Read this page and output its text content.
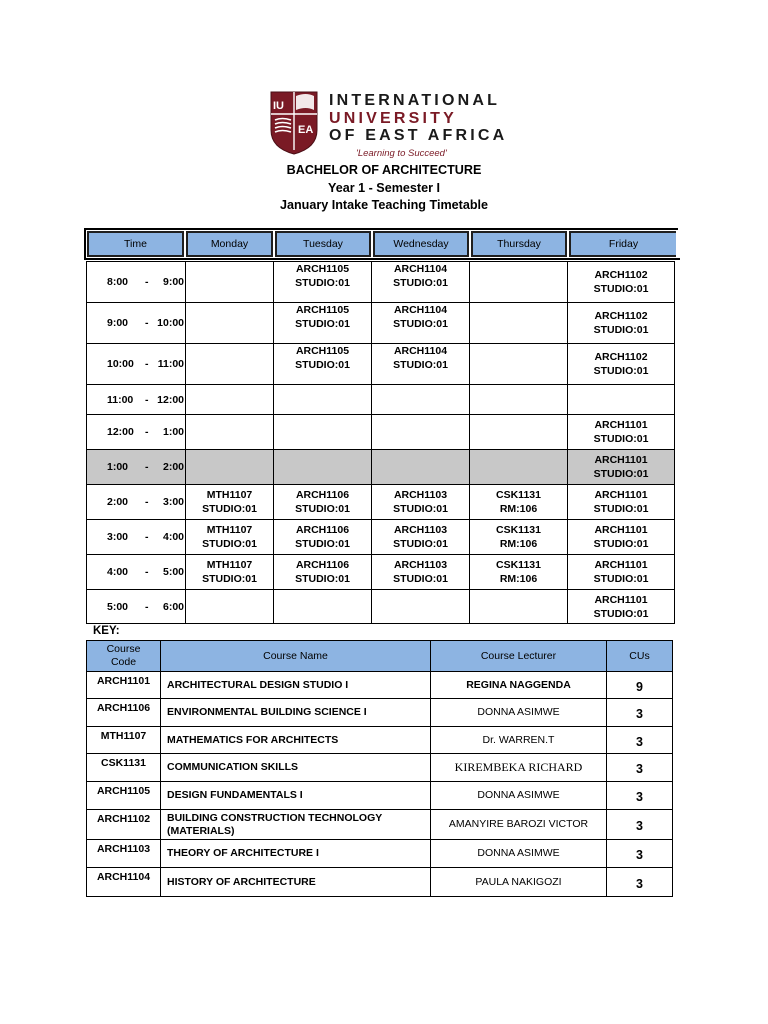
IU
EA
INTERNATIONAL
UNIVERSITY
OF EAST AFRICA
'Learning to Succeed'
BACHELOR OF ARCHITECTURE
Year 1 - Semester I
January Intake Teaching Timetable
Time	Monday	Tuesday	Wednesday	Thursday	Friday
8:00 - 9:00		ARCH1105
STUDIO:01	ARCH1104
STUDIO:01		ARCH1102
STUDIO:01

9:00 - 10:00		ARCH1105
STUDIO:01	ARCH1104
STUDIO:01		ARCH1102
STUDIO:01

10:00 - 11:00		ARCH1105
STUDIO:01	ARCH1104
STUDIO:01		ARCH1102
STUDIO:01

11:00 - 12:00					

12:00 - 1:00					ARCH1101
STUDIO:01

1:00 - 2:00					ARCH1101
STUDIO:01

2:00 - 3:00	MTH1107
STUDIO:01	ARCH1106
STUDIO:01	ARCH1103
STUDIO:01	CSK1131
RM:106	ARCH1101
STUDIO:01

3:00 - 4:00	MTH1107
STUDIO:01	ARCH1106
STUDIO:01	ARCH1103
STUDIO:01	CSK1131
RM:106	ARCH1101
STUDIO:01

4:00 - 5:00	MTH1107
STUDIO:01	ARCH1106
STUDIO:01	ARCH1103
STUDIO:01	CSK1131
RM:106	ARCH1101
STUDIO:01

5:00 - 6:00					ARCH1101
STUDIO:01
KEY:
Course
Code	Course Name	Course Lecturer	CUs
ARCH1101	ARCHITECTURAL DESIGN STUDIO I	REGINA NAGGENDA	9
ARCH1106	ENVIRONMENTAL BUILDING SCIENCE I	DONNA ASIMWE	3
MTH1107	MATHEMATICS FOR ARCHITECTS	Dr. WARREN.T	3
CSK1131	COMMUNICATION SKILLS	KIREMBEKA RICHARD	3
ARCH1105	DESIGN FUNDAMENTALS I	DONNA ASIMWE	3
ARCH1102	BUILDING CONSTRUCTION TECHNOLOGY
(MATERIALS)	AMANYIRE BAROZI VICTOR	3
ARCH1103	THEORY OF ARCHITECTURE I	DONNA ASIMWE	3
ARCH1104	HISTORY OF ARCHITECTURE	PAULA NAKIGOZI	3
